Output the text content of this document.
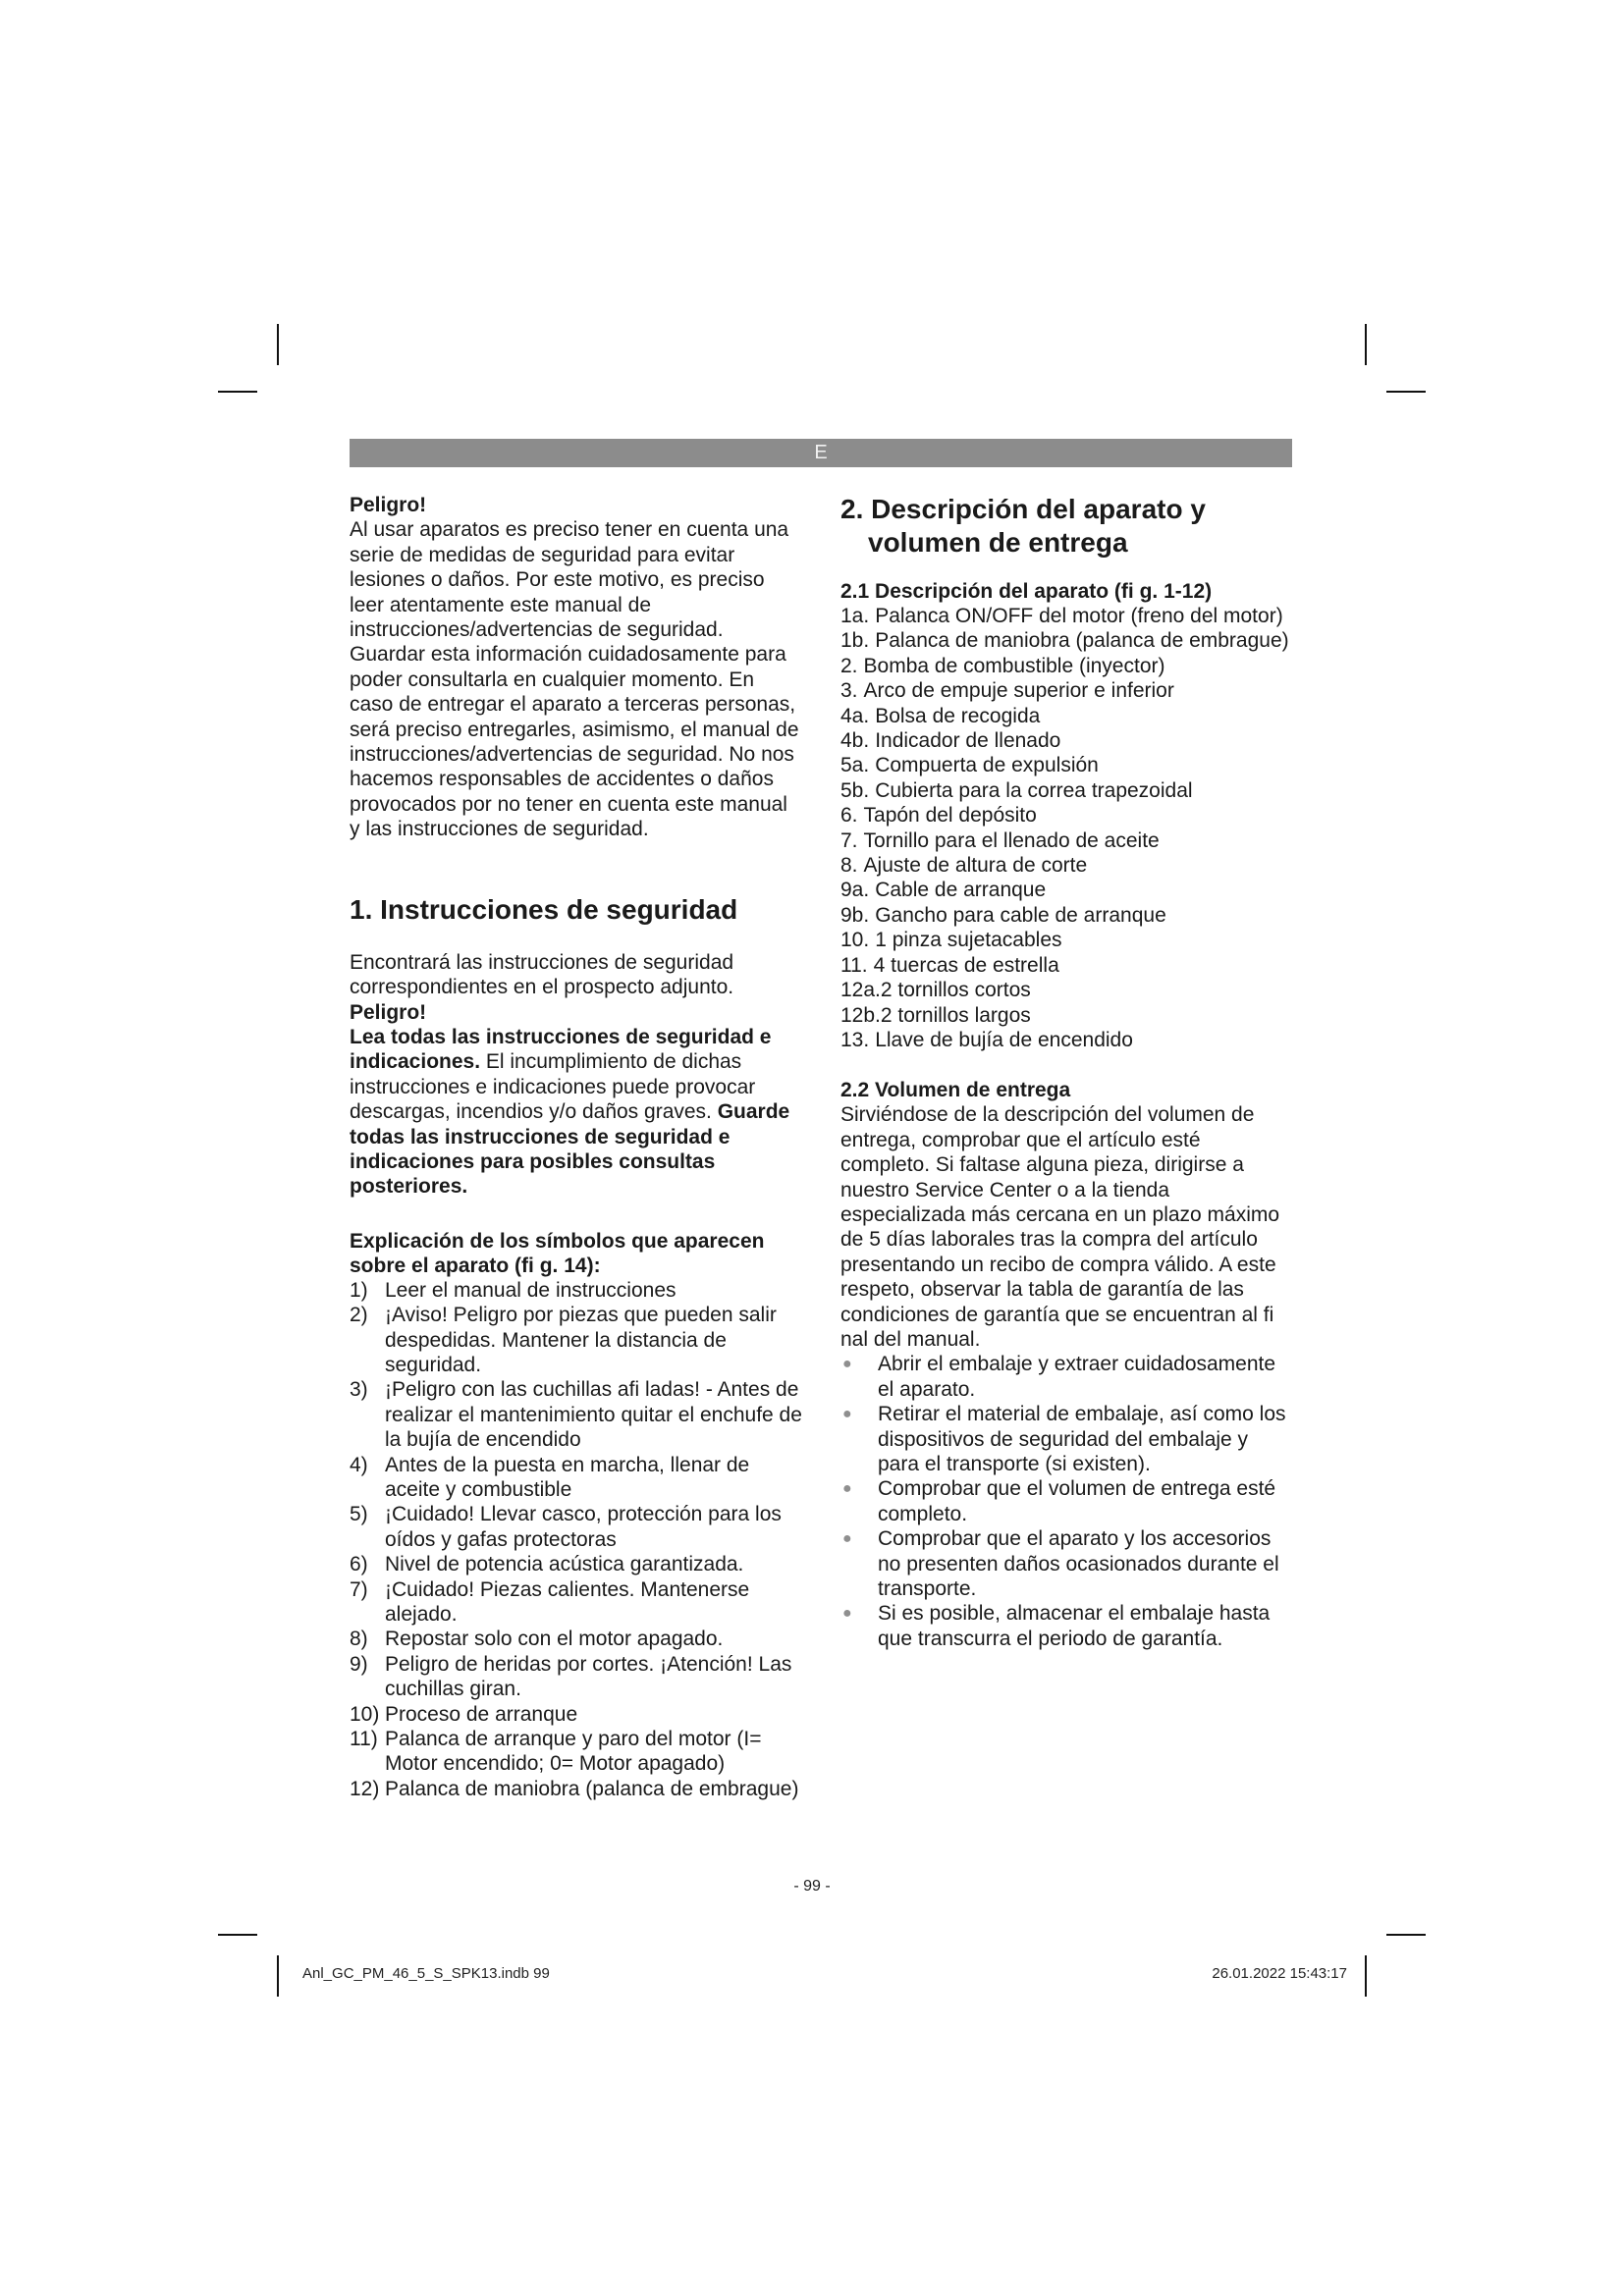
E

Peligro!

Al usar aparatos es preciso tener en cuenta una serie de medidas de seguridad para evitar lesiones o daños. Por este motivo, es preciso leer atentamente este manual de instrucciones/advertencias de seguridad. Guardar esta información cuidadosamente para poder consultarla en cualquier momento. En caso de entregar el aparato a terceras personas, será preciso entregarles, asimismo, el manual de instrucciones/advertencias de seguridad. No nos hacemos responsables de accidentes o daños provocados por no tener en cuenta este manual y las instrucciones de seguridad.

1. Instrucciones de seguridad

Encontrará las instrucciones de seguridad correspondientes en el prospecto adjunto.

Peligro!

Lea todas las instrucciones de seguridad e indicaciones. El incumplimiento de dichas instrucciones e indicaciones puede provocar descargas, incendios y/o daños graves. Guarde todas las instrucciones de seguridad e indicaciones para posibles consultas posteriores.

Explicación de los símbolos que aparecen sobre el aparato (fi g. 14):

1) Leer el manual de instrucciones
2) ¡Aviso! Peligro por piezas que pueden salir despedidas. Mantener la distancia de seguridad.
3) ¡Peligro con las cuchillas afi ladas! - Antes de realizar el mantenimiento quitar el enchufe de la bujía de encendido
4) Antes de la puesta en marcha, llenar de aceite y combustible
5) ¡Cuidado! Llevar casco, protección para los oídos y gafas protectoras
6) Nivel de potencia acústica garantizada.
7) ¡Cuidado! Piezas calientes. Mantenerse alejado.
8) Repostar solo con el motor apagado.
9) Peligro de heridas por cortes. ¡Atención! Las cuchillas giran.
10) Proceso de arranque
11) Palanca de arranque y paro del motor (I= Motor encendido; 0= Motor apagado)
12) Palanca de maniobra (palanca de embrague)

2. Descripción del aparato y

volumen de entrega

2.1 Descripción del aparato (fi g. 1-12)

1a. Palanca ON/OFF del motor (freno del motor)
1b. Palanca de maniobra (palanca de embrague)
2. Bomba de combustible (inyector)
3. Arco de empuje superior e inferior
4a. Bolsa de recogida
4b. Indicador de llenado
5a. Compuerta de expulsión
5b. Cubierta para la correa trapezoidal
6. Tapón del depósito
7. Tornillo para el llenado de aceite
8. Ajuste de altura de corte
9a. Cable de arranque
9b. Gancho para cable de arranque
10. 1 pinza sujetacables
11. 4 tuercas de estrella
12a. 2 tornillos cortos
12b. 2 tornillos largos
13. Llave de bujía de encendido

2.2 Volumen de entrega

Sirviéndose de la descripción del volumen de entrega, comprobar que el artículo esté completo. Si faltase alguna pieza, dirigirse a nuestro Service Center o a la tienda especializada más cercana en un plazo máximo de 5 días laborales tras la compra del artículo presentando un recibo de compra válido. A este respeto, observar la tabla de garantía de las condiciones de garantía que se encuentran al fi nal del manual.

●	Abrir el embalaje y extraer cuidadosamente el aparato.
●	Retirar el material de embalaje, así como los dispositivos de seguridad del embalaje y para el transporte (si existen).
●	Comprobar que el volumen de entrega esté completo.
●	Comprobar que el aparato y los accesorios no presenten daños ocasionados durante el transporte.
●	Si es posible, almacenar el embalaje hasta que transcurra el periodo de garantía.
- 99 -
Anl_GC_PM_46_5_S_SPK13.indb 99	26.01.2022 15:43:17
